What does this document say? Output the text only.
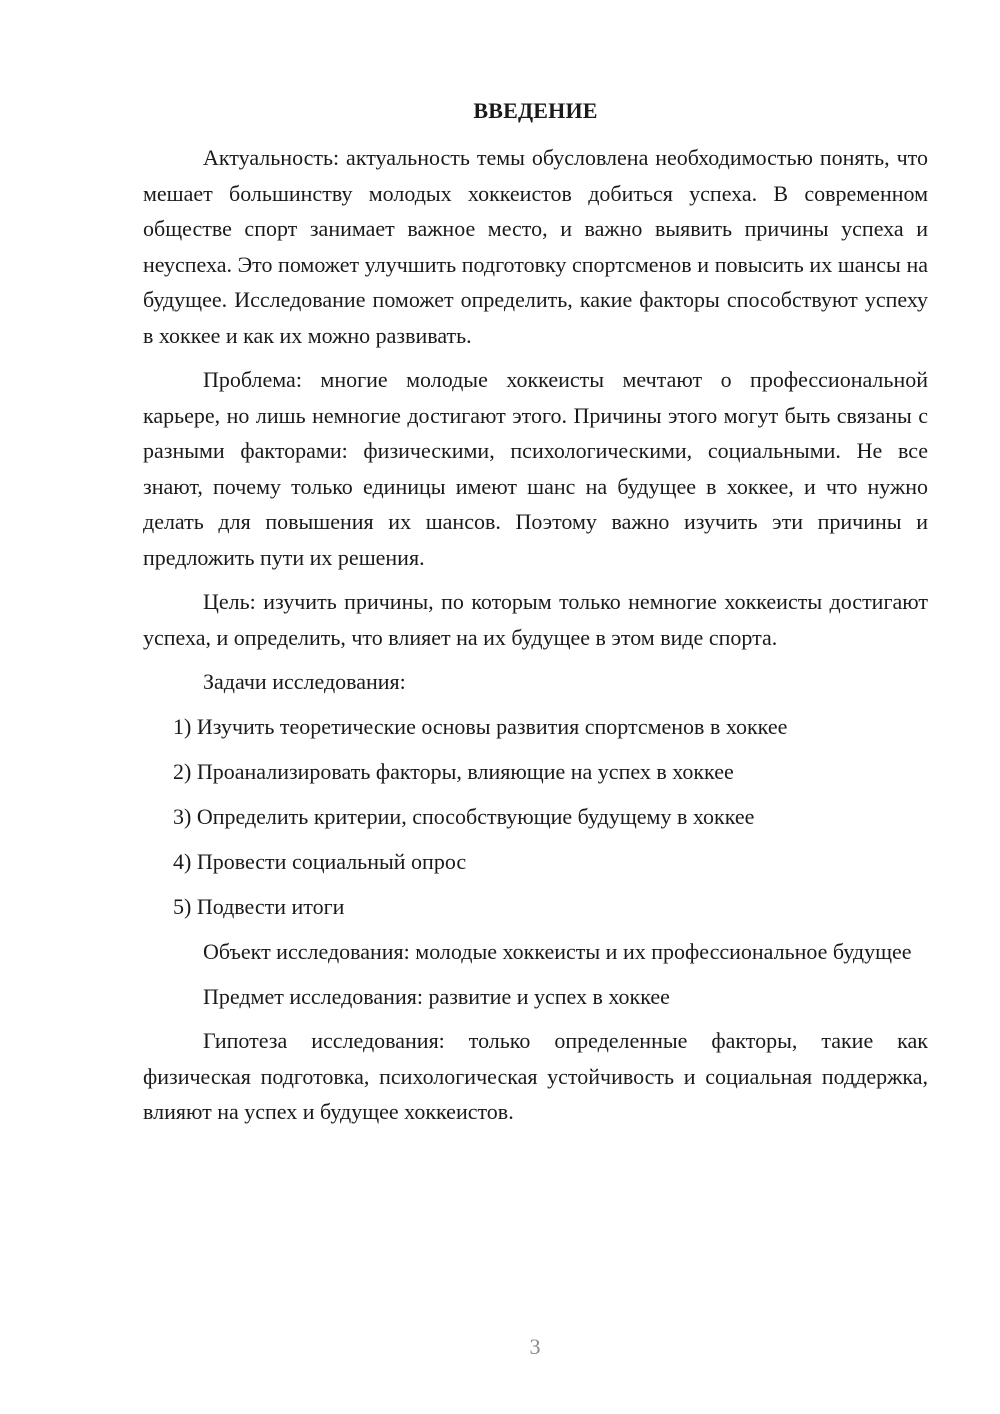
ВВЕДЕНИЕ

Актуальность: актуальность темы обусловлена необходимостью понять, что мешает большинству молодых хоккеистов добиться успеха. В современном обществе спорт занимает важное место, и важно выявить причины успеха и неуспеха. Это поможет улучшить подготовку спортсменов и повысить их шансы на будущее. Исследование поможет определить, какие факторы способствуют успеху в хоккее и как их можно развивать.

Проблема: многие молодые хоккеисты мечтают о профессиональной карьере, но лишь немногие достигают этого. Причины этого могут быть связаны с разными факторами: физическими, психологическими, социальными. Не все знают, почему только единицы имеют шанс на будущее в хоккее, и что нужно делать для повышения их шансов. Поэтому важно изучить эти причины и предложить пути их решения.

Цель: изучить причины, по которым только немногие хоккеисты достигают успеха, и определить, что влияет на их будущее в этом виде спорта.

Задачи исследования:
1) Изучить теоретические основы развития спортсменов в хоккее
2) Проанализировать факторы, влияющие на успех в хоккее
3) Определить критерии, способствующие будущему в хоккее
4) Провести социальный опрос
5) Подвести итоги

Объект исследования: молодые хоккеисты и их профессиональное будущее

Предмет исследования: развитие и успех в хоккее

Гипотеза исследования: только определенные факторы, такие как физическая подготовка, психологическая устойчивость и социальная поддержка, влияют на успех и будущее хоккеистов.

3
